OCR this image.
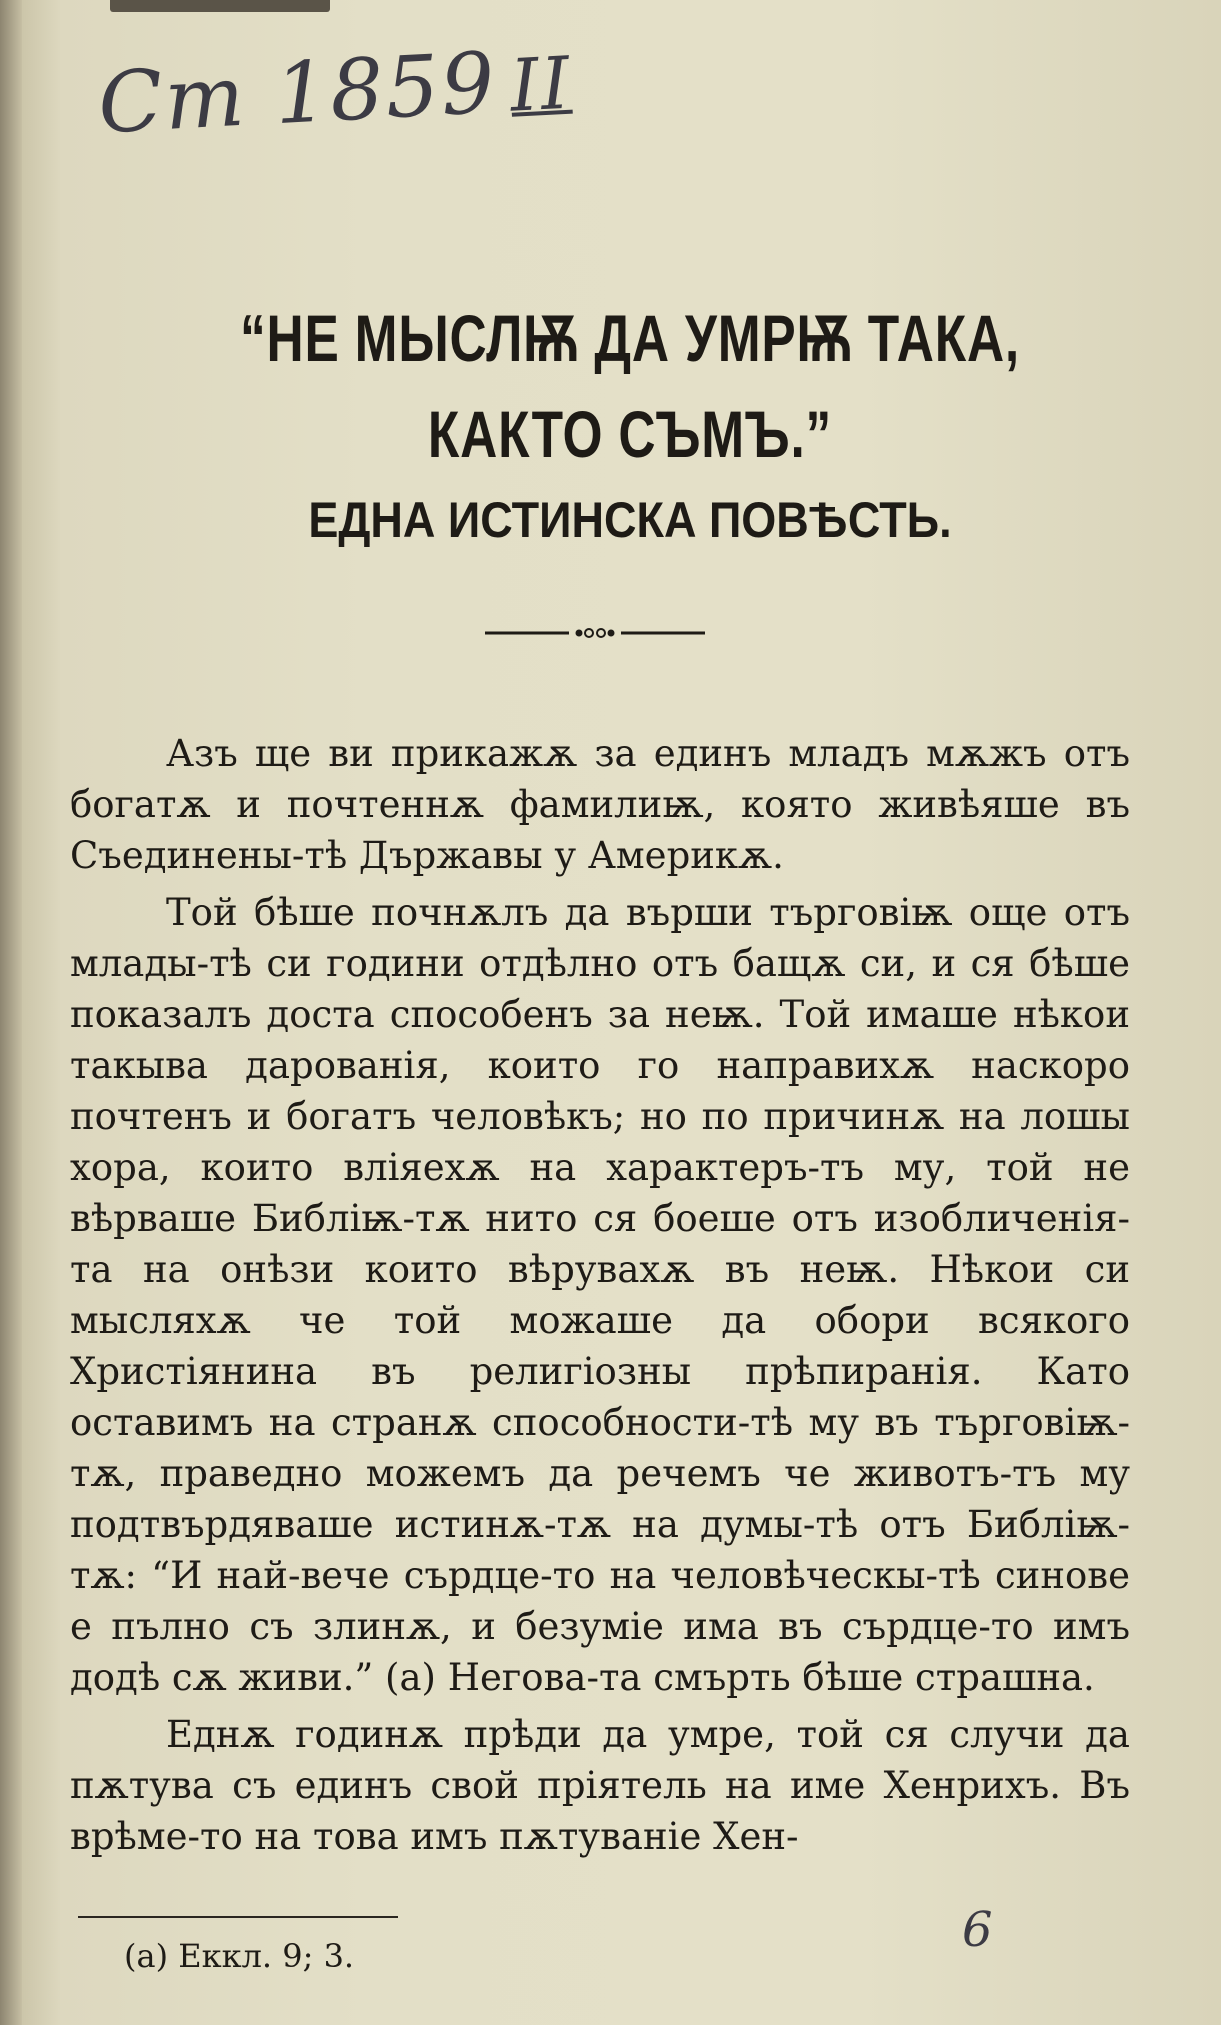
Ст 1859 II
“НЕ МЫСЛѬ ДА УМРѬ ТАКА,
КАКТО СЪМЪ.”
ЕДНА ИСТИНСКА ПОВѢСТЬ.

Азъ ще ви прикажѫ за единъ младъ мѫжъ отъ богатѫ и почтеннѫ фамилиѭ, която живѣяше въ Съединены-тѣ Държавы у Америкѫ.

Той бѣше почнѫлъ да върши търговiѭ още отъ млады-тѣ си години отдѣлно отъ бащѫ си, и ся бѣше показалъ доста способенъ за неѭ. Той имаше нѣкои такыва дарованiя, които го направихѫ наскоро почтенъ и богатъ человѣкъ; но по причинѫ на лошы хора, които влiяехѫ на характеръ-тъ му, той не вѣрваше Библiѭ-тѫ нито ся боеше отъ изобличенiя-та на онѣзи които вѣрувахѫ въ неѭ. Нѣкои си мысляхѫ че той можаше да обори всякого Христiянина въ религiозны прѣпиранiя. Като оставимъ на странѫ способности-тѣ му въ търговiѭ-тѫ, праведно можемъ да речемъ че животъ-тъ му подтвърдяваше истинѫ-тѫ на думы-тѣ отъ Библiѭ-тѫ: “И най-вече сърдце-то на человѣческы-тѣ синове е пълно съ злинѫ, и безумiе има въ сърдце-то имъ додѣ сѫ живи.” (а) Негова-та смърть бѣше страшна.

Еднѫ годинѫ прѣди да умре, той ся случи да пѫтува съ единъ свой прiятель на име Хенрихъ. Въ врѣме-то на това имъ пѫтуванiе Хен-

(а) Еккл. 9; 3.	6
